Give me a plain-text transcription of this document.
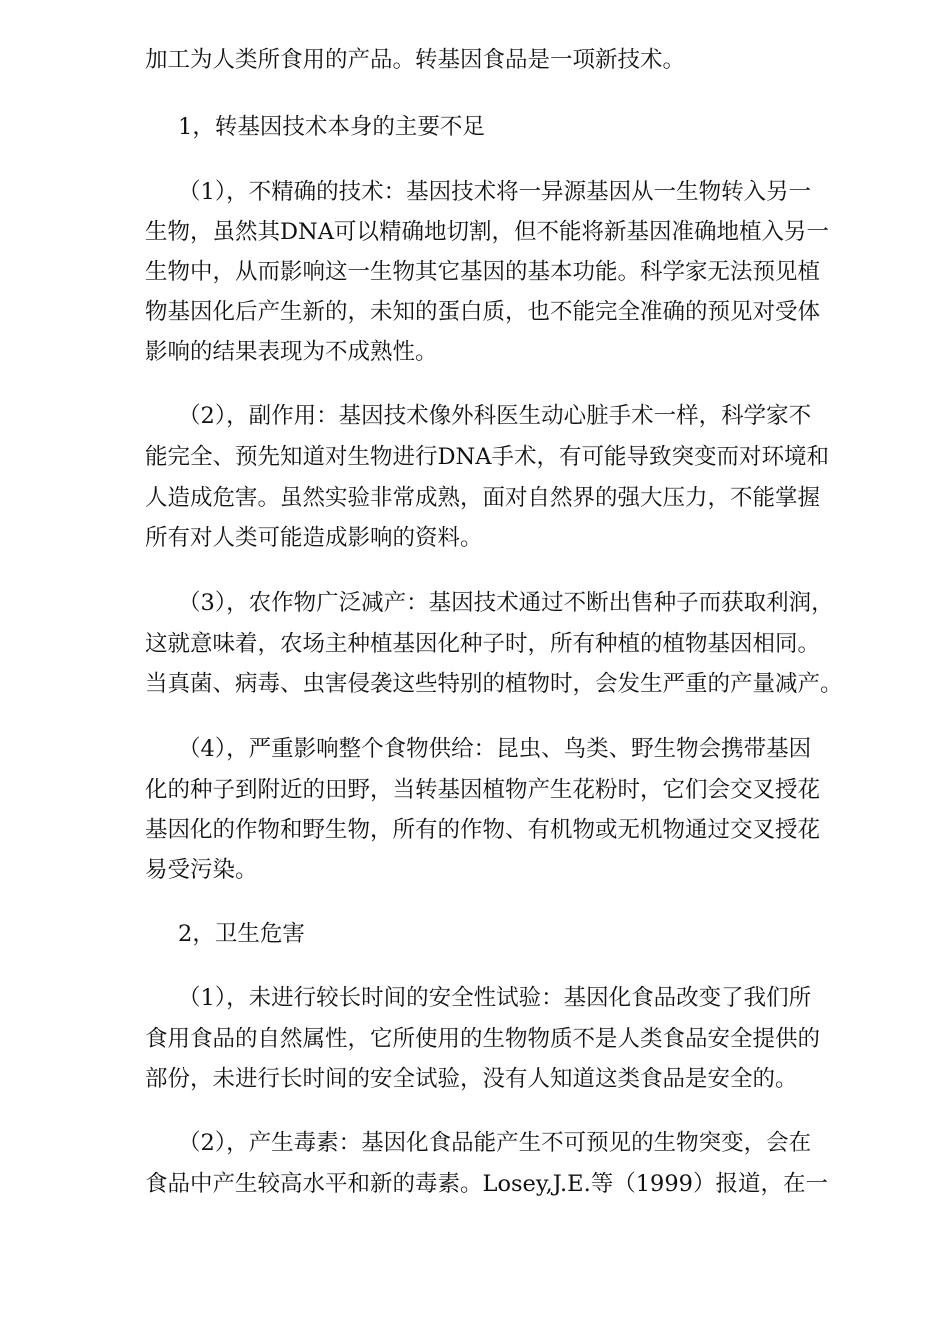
加工为人类所食用的产品。转基因食品是一项新技术。
1，转基因技术本身的主要不足
（1），不精确的技术：基因技术将一异源基因从一生物转入另一
生物，虽然其DNA可以精确地切割，但不能将新基因准确地植入另一
生物中，从而影响这一生物其它基因的基本功能。科学家无法预见植
物基因化后产生新的，未知的蛋白质，也不能完全准确的预见对受体
影响的结果表现为不成熟性。
（2），副作用：基因技术像外科医生动心脏手术一样，科学家不
能完全、预先知道对生物进行DNA手术，有可能导致突变而对环境和
人造成危害。虽然实验非常成熟，面对自然界的强大压力，不能掌握
所有对人类可能造成影响的资料。
（3），农作物广泛减产：基因技术通过不断出售种子而获取利润，
这就意味着，农场主种植基因化种子时，所有种植的植物基因相同。
当真菌、病毒、虫害侵袭这些特别的植物时，会发生严重的产量减产。
（4），严重影响整个食物供给：昆虫、鸟类、野生物会携带基因
化的种子到附近的田野，当转基因植物产生花粉时，它们会交叉授花
基因化的作物和野生物，所有的作物、有机物或无机物通过交叉授花
易受污染。
2，卫生危害
（1），未进行较长时间的安全性试验：基因化食品改变了我们所
食用食品的自然属性，它所使用的生物物质不是人类食品安全提供的
部份，未进行长时间的安全试验，没有人知道这类食品是安全的。
（2），产生毒素：基因化食品能产生不可预见的生物突变，会在
食品中产生较高水平和新的毒素。Losey,J.E.等（1999）报道，在一
